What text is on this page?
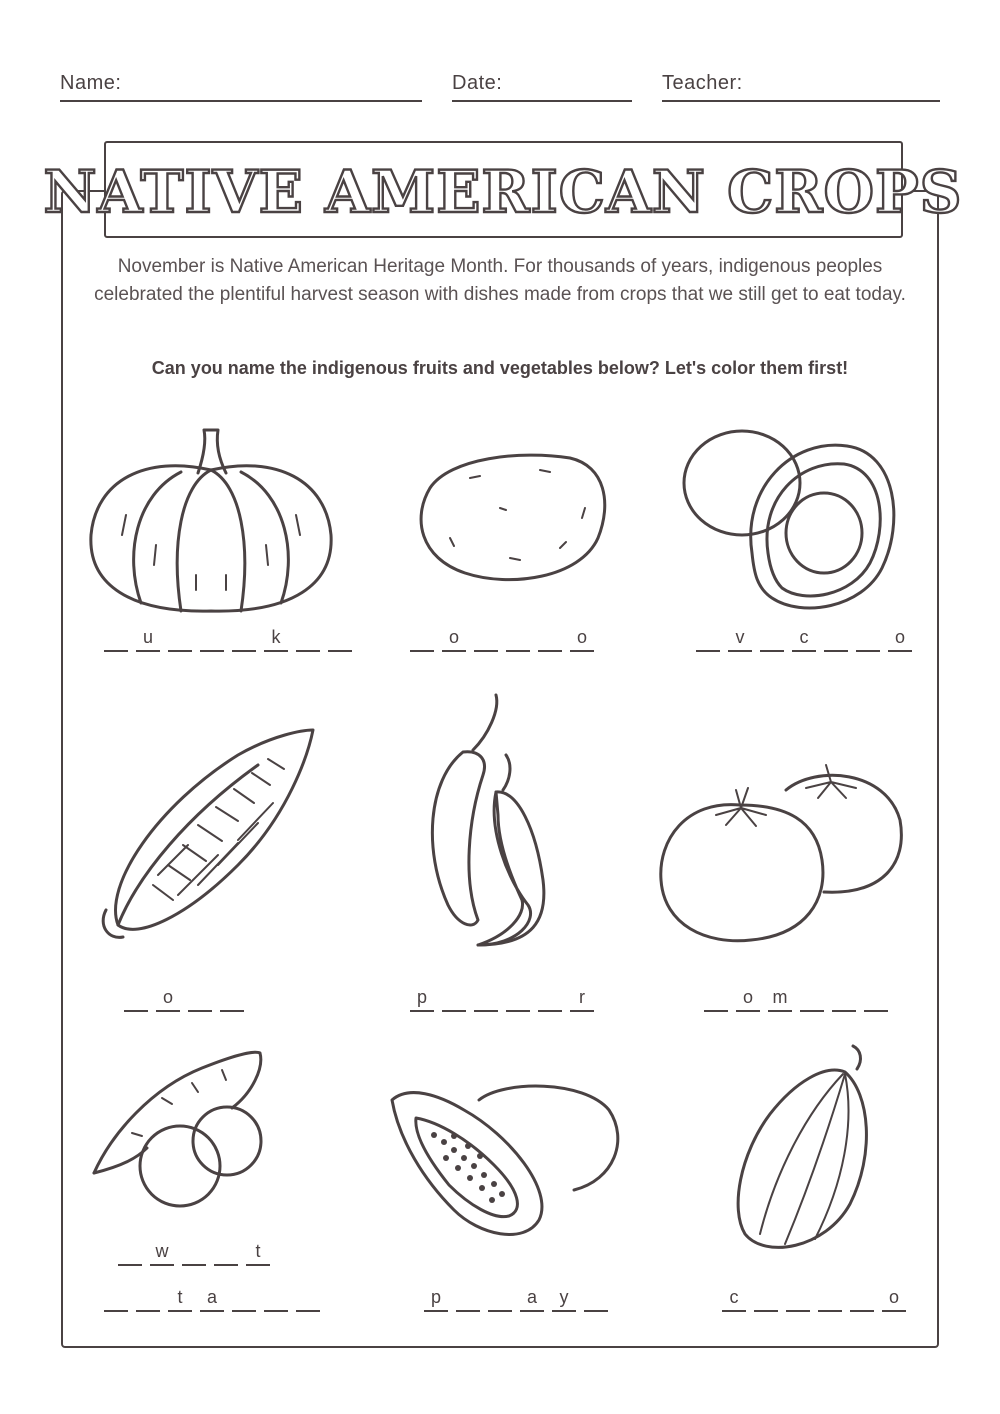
Name:	Date:	Teacher:
NATIVE AMERICAN CROPS

November is Native American Heritage Month. For thousands of years, indigenous peoples celebrated the plentiful harvest season with dishes made from crops that we still get to eat today.

Can you name the indigenous fruits and vegetables below? Let's color them first!

u	k	o	o	v	c	o
o	p	r	o	m
w	t
t	a	p	a	y	c	o
